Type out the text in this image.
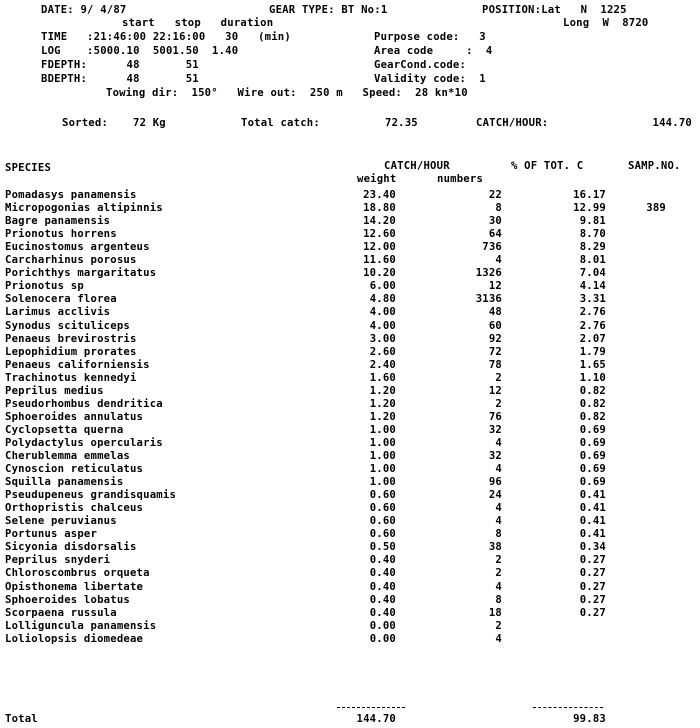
DATE: 9/ 4/87	GEAR TYPE: BT No:1	POSITION:Lat   N  1225
start   stop   duration	Long  W  8720
TIME   :21:46:00 22:16:00   30   (min)	Purpose code:   3
LOG    :5000.10  5001.50  1.40	Area code     :  4
FDEPTH:      48       51	GearCond.code:
BDEPTH:      48       51	Validity code:  1
Towing dir:  150°   Wire out:  250 m   Speed:  28 kn*10
Sorted: 72 Kg	Total catch:	72.35	CATCH/HOUR:	144.70
SPECIES	CATCH/HOUR	% OF TOT. C	SAMP.NO.
weight	numbers
Pomadasys panamensis	23.40	22	16.17
Micropogonias altipinnis	18.80	8	12.99	389
Bagre panamensis	14.20	30	9.81
Prionotus horrens	12.60	64	8.70
Eucinostomus argenteus	12.00	736	8.29
Carcharhinus porosus	11.60	4	8.01
Porichthys margaritatus	10.20	1326	7.04
Prionotus sp	6.00	12	4.14
Solenocera florea	4.80	3136	3.31
Larimus acclivis	4.00	48	2.76
Synodus scituliceps	4.00	60	2.76
Penaeus brevirostris	3.00	92	2.07
Lepophidium prorates	2.60	72	1.79
Penaeus californiensis	2.40	78	1.65
Trachinotus kennedyi	1.60	2	1.10
Peprilus medius	1.20	12	0.82
Pseudorhombus dendritica	1.20	2	0.82
Sphoeroides annulatus	1.20	76	0.82
Cyclopsetta querna	1.00	32	0.69
Polydactylus opercularis	1.00	4	0.69
Cherublemma emmelas	1.00	32	0.69
Cynoscion reticulatus	1.00	4	0.69
Squilla panamensis	1.00	96	0.69
Pseudupeneus grandisquamis	0.60	24	0.41
Orthopristis chalceus	0.60	4	0.41
Selene peruvianus	0.60	4	0.41
Portunus asper	0.60	8	0.41
Sicyonia disdorsalis	0.50	38	0.34
Peprilus snyderi	0.40	2	0.27
Chloroscombrus orqueta	0.40	2	0.27
Opisthonema libertate	0.40	4	0.27
Sphoeroides lobatus	0.40	8	0.27
Scorpaena russula	0.40	18	0.27
Lolliguncula panamensis	0.00	2
Loliolopsis diomedeae	0.00	4
Total	144.70	99.83
